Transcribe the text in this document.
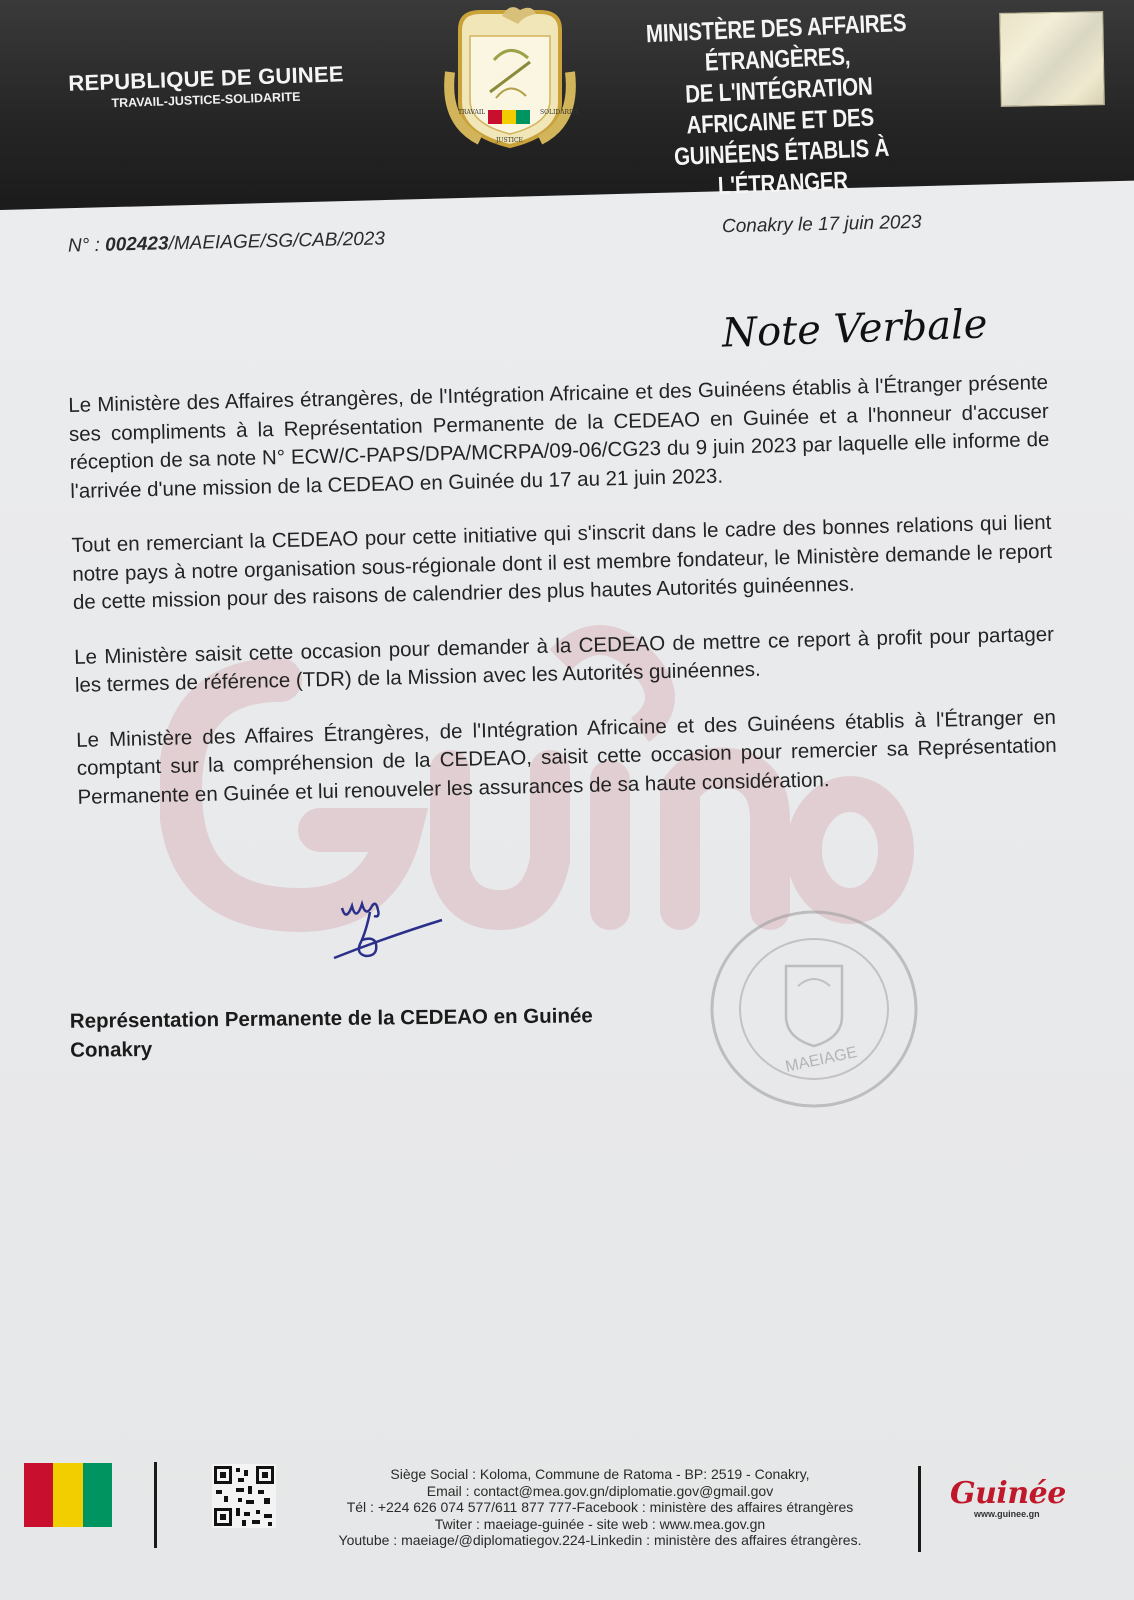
REPUBLIQUE DE GUINEE
TRAVAIL-JUSTICE-SOLIDARITE
TRAVAIL
JUSTICE
SOLIDARITE
MINISTÈRE DES AFFAIRES ÉTRANGÈRES,
DE L'INTÉGRATION AFRICAINE ET DES
GUINÉENS ÉTABLIS À L'ÉTRANGER
N° : 002423/MAEIAGE/SG/CAB/2023
Conakry le 17 juin 2023
Note Verbale

Le Ministère des Affaires étrangères, de l'Intégration Africaine et des Guinéens établis à l'Étranger présente ses compliments à la Représentation Permanente de la CEDEAO en Guinée et a l'honneur d'accuser réception de sa note N° ECW/C-PAPS/DPA/MCRPA/09-06/CG23 du 9 juin 2023 par laquelle elle informe de l'arrivée d'une mission de la CEDEAO en Guinée du 17 au 21 juin 2023.

Tout en remerciant la CEDEAO pour cette initiative qui s'inscrit dans le cadre des bonnes relations qui lient notre pays à notre organisation sous-régionale dont il est membre fondateur, le Ministère demande le report de cette mission pour des raisons de calendrier des plus hautes Autorités guinéennes.

Le Ministère saisit cette occasion pour demander à la CEDEAO de mettre ce report à profit pour partager les termes de référence (TDR) de la Mission avec les Autorités guinéennes.

Le Ministère des Affaires Étrangères, de l'Intégration Africaine et des Guinéens établis à l'Étranger en comptant sur la compréhension de la CEDEAO, saisit cette occasion pour remercier sa Représentation Permanente en Guinée et lui renouveler les assurances de sa haute considération.

Représentation Permanente de la CEDEAO en Guinée
Conakry	MAEIAGE
Siège Social : Koloma, Commune de Ratoma - BP: 2519 - Conakry,
Email : contact@mea.gov.gn/diplomatie.gov@gmail.gov
Tél : +224 626 074 577/611 877 777-Facebook : ministère des affaires étrangères
Twiter : maeiage-guinée - site web : www.mea.gov.gn
Youtube : maeiage/@diplomatiegov.224-Linkedin : ministère des affaires étrangères.
Guinée
www.guinee.gn
